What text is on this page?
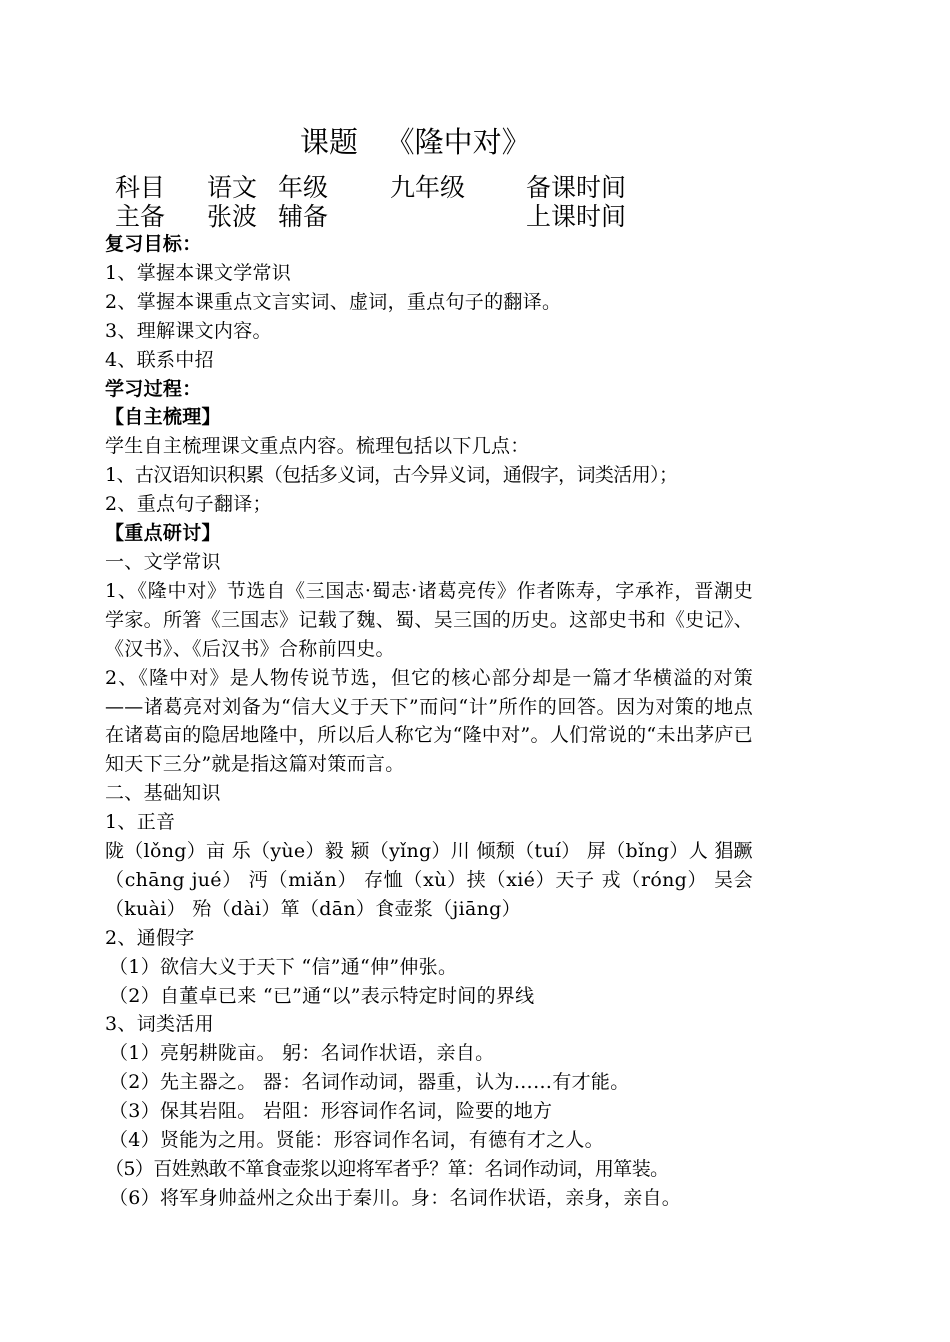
课题   《隆中对》
科目 语文 年级 九年级 备课时间
主备 张波 辅备	上课时间
复习目标：
1、掌握本课文学常识
2、掌握本课重点文言实词、虚词，重点句子的翻译。
3、理解课文内容。
4、联系中招
学习过程：
【自主梳理】
学生自主梳理课文重点内容。梳理包括以下几点：
1、古汉语知识积累（包括多义词，古今异义词，通假字，词类活用）；
2、重点句子翻译；
【重点研讨】
一、文学常识
1、《隆中对》节选自《三国志·蜀志·诸葛亮传》作者陈寿，字承祚，晋潮史学家。所箸《三国志》记载了魏、蜀、吴三国的历史。这部史书和《史记》、《汉书》、《后汉书》合称前四史。
2、《隆中对》是人物传说节选，但它的核心部分却是一篇才华横溢的对策——诸葛亮对刘备为“信大义于天下”而问“计”所作的回答。因为对策的地点在诸葛亩的隐居地隆中，所以后人称它为“隆中对”。人们常说的“未出茅庐已知天下三分”就是指这篇对策而言。
二、基础知识
1、正音
陇（lǒng）亩 乐（yùe）毅 颍（yǐng）川 倾颓（tuí） 屏（bǐng）人 猖蹶（chāng jué） 沔（miǎn） 存恤（xù）挟（xié）天子 戎（róng） 吴会（kuài） 殆（dài）箪（dān）食壶浆（jiāng）
2、通假字
（1）欲信大义于天下 “信”通“伸”伸张。
（2）自董卓已来 “已”通“以”表示特定时间的界线
3、词类活用
（1）亮躬耕陇亩。 躬：名词作状语，亲自。
（2）先主器之。 器：名词作动词，器重，认为……有才能。
（3）保其岩阻。 岩阻：形容词作名词，险要的地方
（4）贤能为之用。贤能：形容词作名词，有德有才之人。
（5）百姓熟敢不箪食壶浆以迎将军者乎？箪：名词作动词，用箪装。
（6）将军身帅益州之众出于秦川。身：名词作状语，亲身，亲自。
